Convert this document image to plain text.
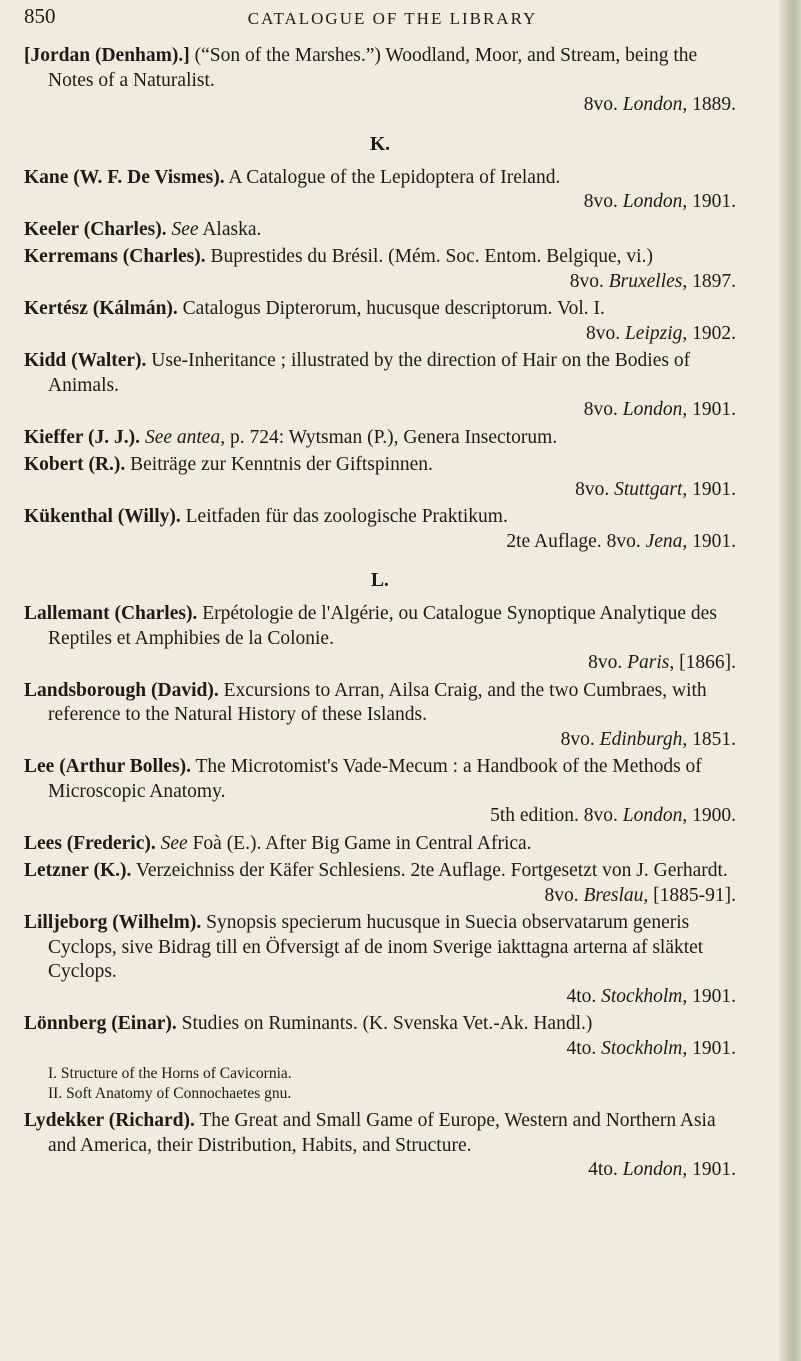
850	CATALOGUE OF THE LIBRARY
[Jordan (Denham).] (“Son of the Marshes.”) Woodland, Moor, and Stream, being the Notes of a Naturalist.
8vo. London, 1889.
K.
Kane (W. F. De Vismes). A Catalogue of the Lepidoptera of Ireland.
8vo. London, 1901.
Keeler (Charles). See Alaska.
Kerremans (Charles). Buprestides du Brésil. (Mém. Soc. Entom. Belgique, vi.)
8vo. Bruxelles, 1897.
Kertész (Kálmán). Catalogus Dipterorum, hucusque descriptorum. Vol. I.
8vo. Leipzig, 1902.
Kidd (Walter). Use-Inheritance ; illustrated by the direction of Hair on the Bodies of Animals.
8vo. London, 1901.
Kieffer (J. J.). See antea, p. 724: Wytsman (P.), Genera Insectorum.
Kobert (R.). Beiträge zur Kenntnis der Giftspinnen.
8vo. Stuttgart, 1901.
Kükenthal (Willy). Leitfaden für das zoologische Praktikum.
2te Auflage. 8vo. Jena, 1901.
L.
Lallemant (Charles). Erpétologie de l'Algérie, ou Catalogue Synoptique Analytique des Reptiles et Amphibies de la Colonie.
8vo. Paris, [1866].
Landsborough (David). Excursions to Arran, Ailsa Craig, and the two Cumbraes, with reference to the Natural History of these Islands.
8vo. Edinburgh, 1851.
Lee (Arthur Bolles). The Microtomist's Vade-Mecum : a Handbook of the Methods of Microscopic Anatomy.
5th edition. 8vo. London, 1900.
Lees (Frederic). See Foà (E.). After Big Game in Central Africa.
Letzner (K.). Verzeichniss der Käfer Schlesiens. 2te Auflage. Fortgesetzt von J. Gerhardt.
8vo. Breslau, [1885-91].
Lilljeborg (Wilhelm). Synopsis specierum hucusque in Suecia observatarum generis Cyclops, sive Bidrag till en Öfversigt af de inom Sverige iakttagna arterna af släktet Cyclops.
4to. Stockholm, 1901.
Lönnberg (Einar). Studies on Ruminants. (K. Svenska Vet.-Ak. Handl.)
4to. Stockholm, 1901.
I. Structure of the Horns of Cavicornia.
II. Soft Anatomy of Connochaetes gnu.
Lydekker (Richard). The Great and Small Game of Europe, Western and Northern Asia and America, their Distribution, Habits, and Structure.
4to. London, 1901.
